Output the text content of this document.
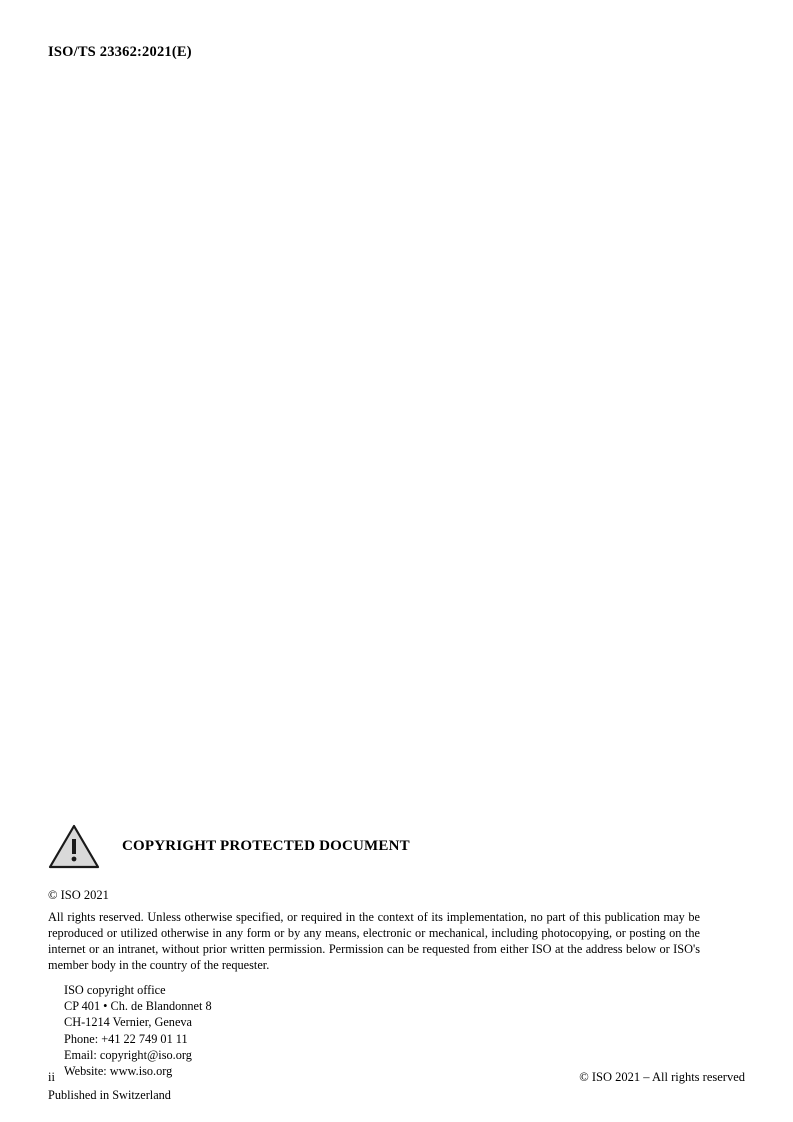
ISO/TS 23362:2021(E)
COPYRIGHT PROTECTED DOCUMENT
© ISO 2021
All rights reserved. Unless otherwise specified, or required in the context of its implementation, no part of this publication may be reproduced or utilized otherwise in any form or by any means, electronic or mechanical, including photocopying, or posting on the internet or an intranet, without prior written permission. Permission can be requested from either ISO at the address below or ISO's member body in the country of the requester.
ISO copyright office
CP 401 • Ch. de Blandonnet 8
CH-1214 Vernier, Geneva
Phone: +41 22 749 01 11
Email: copyright@iso.org
Website: www.iso.org
Published in Switzerland
ii	© ISO 2021 – All rights reserved
